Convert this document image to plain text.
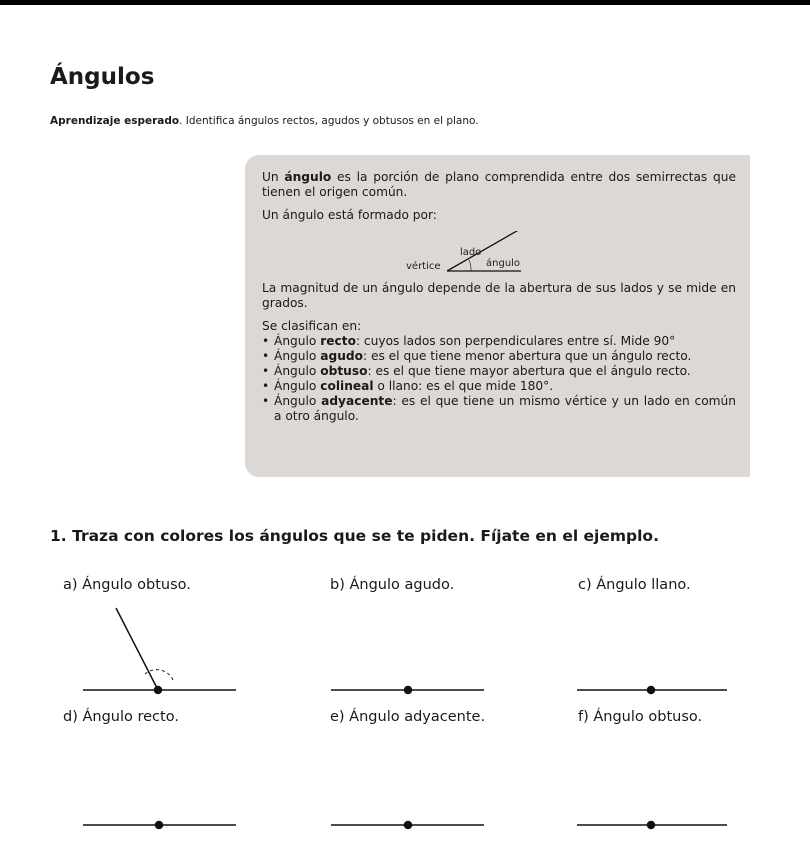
Ángulos
Aprendizaje esperado. Identifica ángulos rectos, agudos y obtusos en el plano.

Un ángulo es la porción de plano comprendida entre dos semirrectas que tienen el origen común.

Un ángulo está formado por:

lado
vértice	ángulo

La magnitud de un ángulo depende de la abertura de sus lados y se mide en grados.

Se clasifican en:
• Ángulo recto: cuyos lados son perpendiculares entre sí. Mide 90°
• Ángulo agudo: es el que tiene menor abertura que un ángulo recto.
• Ángulo obtuso: es el que tiene mayor abertura que el ángulo recto.
• Ángulo colineal o llano: es el que mide 180°.
• Ángulo adyacente: es el que tiene un mismo vértice y un lado en común a otro ángulo.
1. Traza con colores los ángulos que se te piden. Fíjate en el ejemplo.
a) Ángulo obtuso.	b) Ángulo agudo.	c) Ángulo llano.
d) Ángulo recto.	e) Ángulo adyacente.	f) Ángulo obtuso.
